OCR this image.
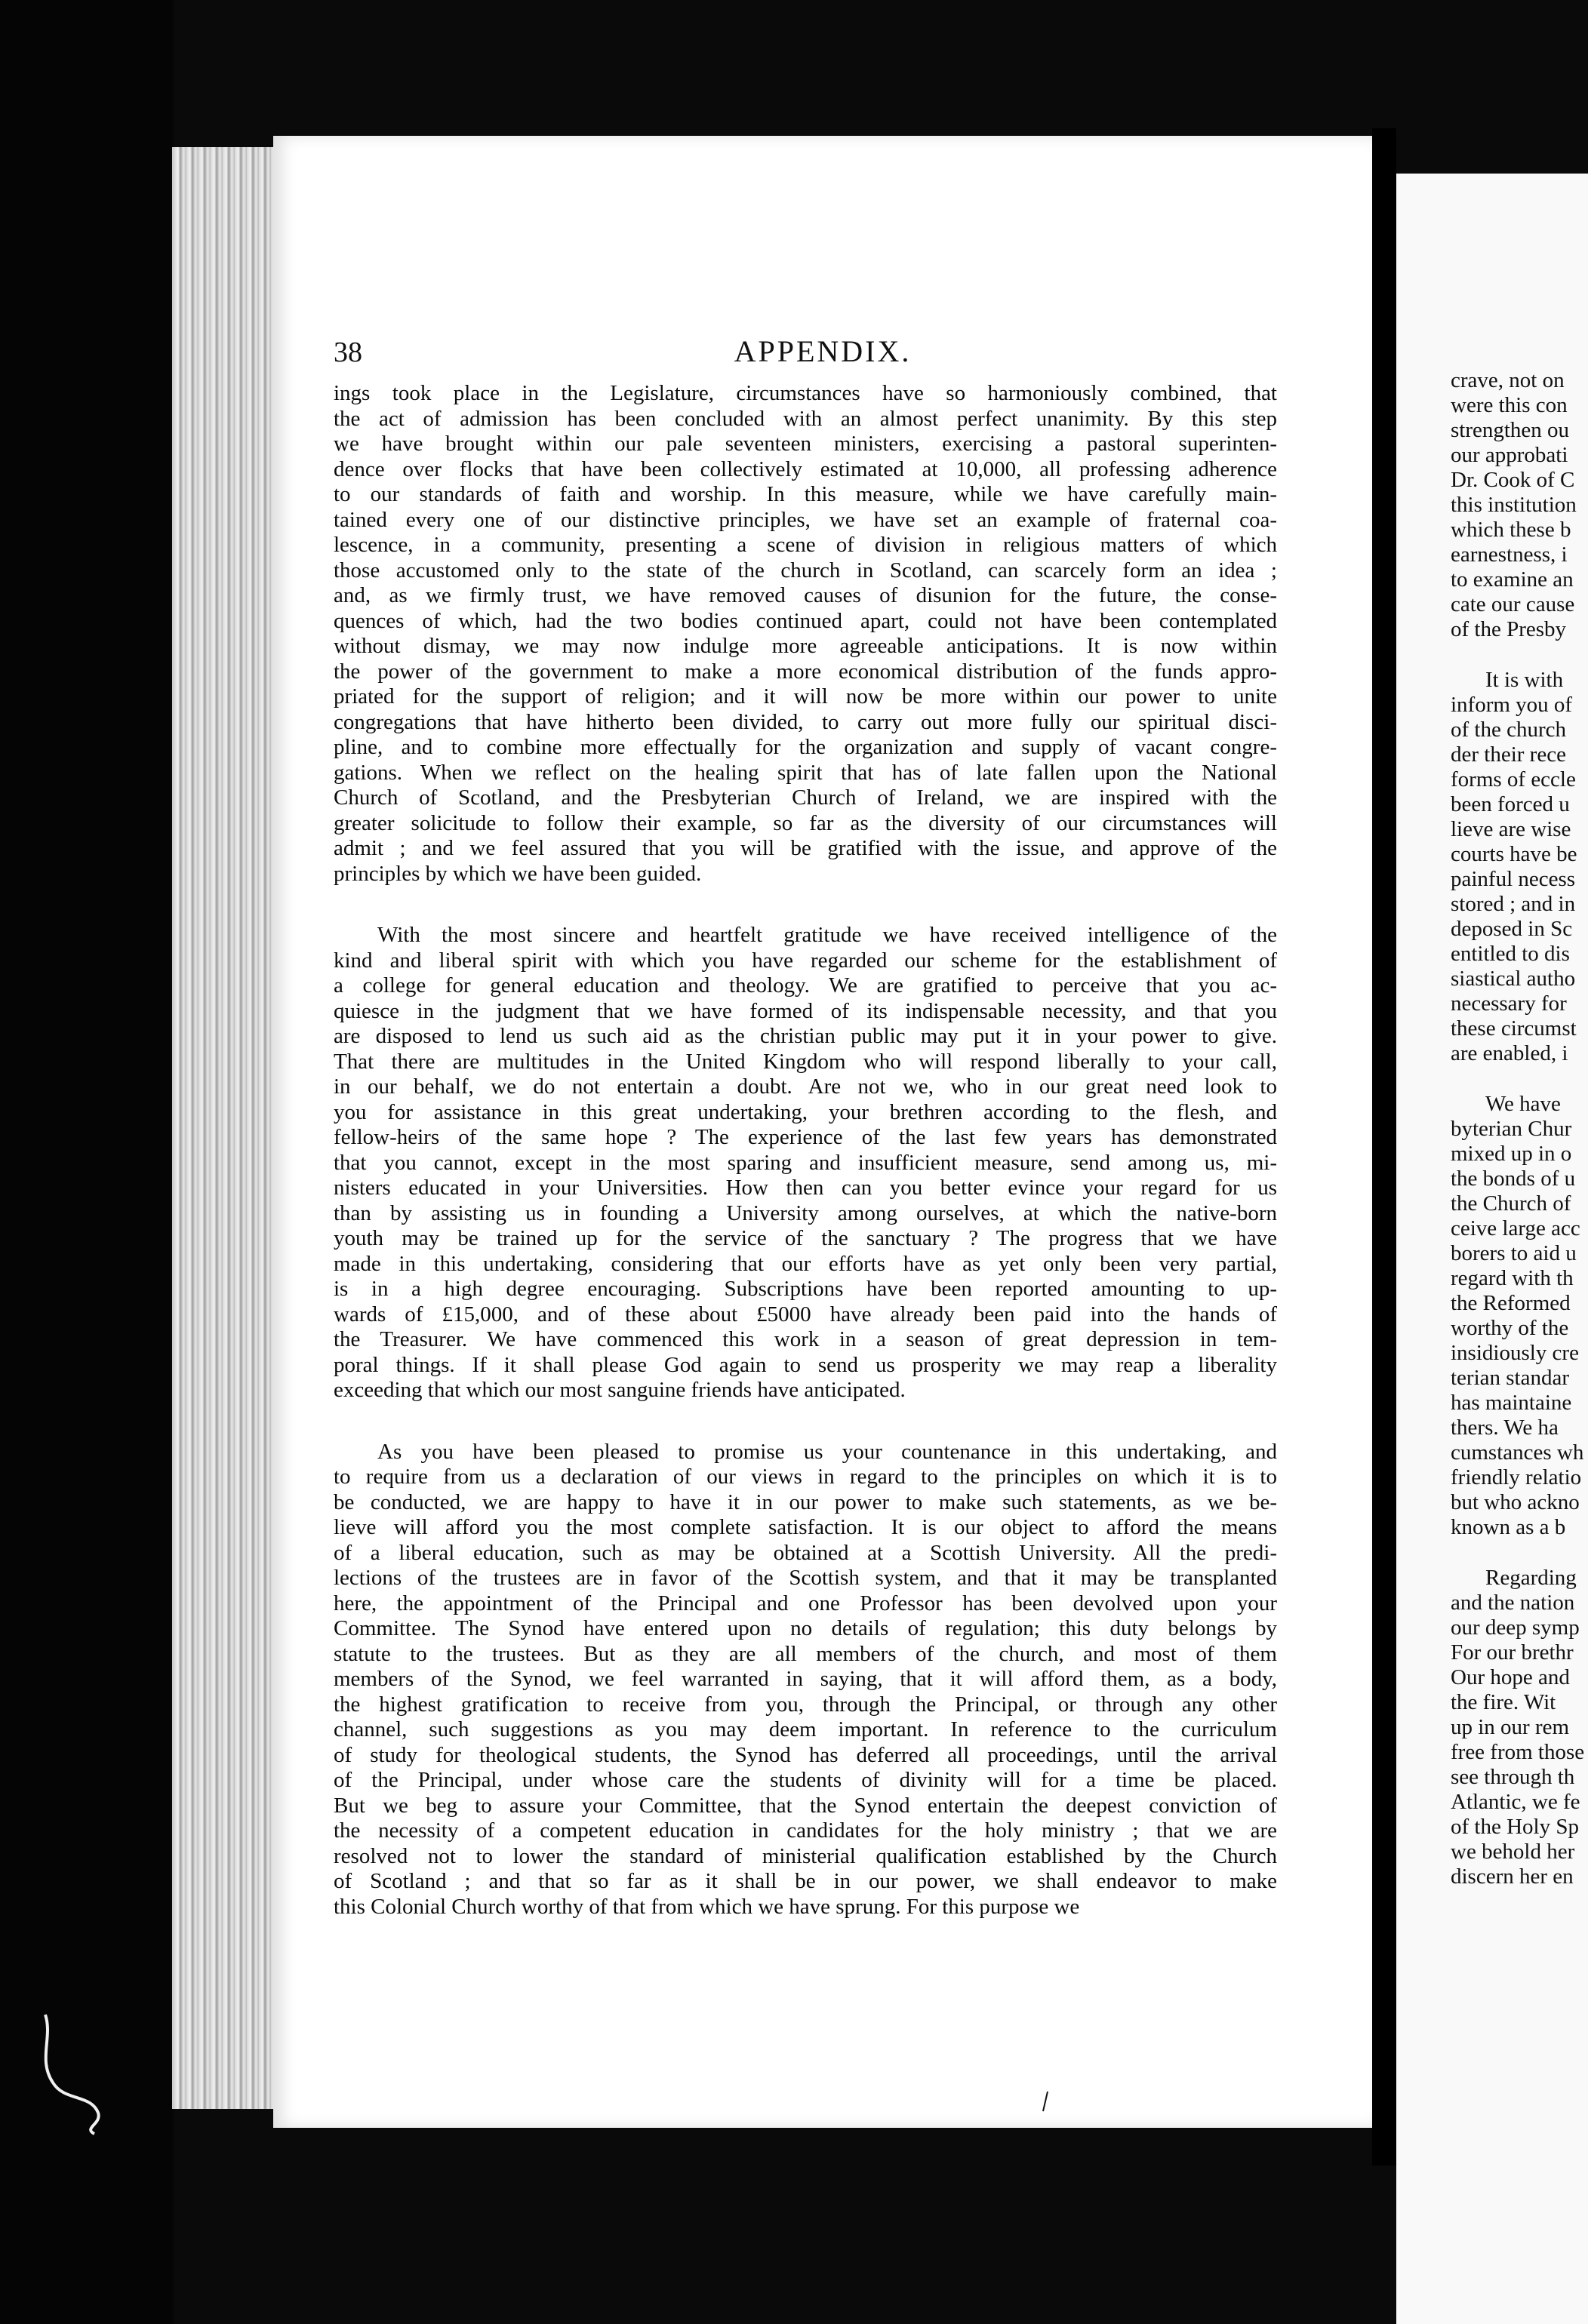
38	APPENDIX.
ings took place in the Legislature, circumstances have so harmoniously combined, that
the act of admission has been concluded with an almost perfect unanimity. By this step
we have brought within our pale seventeen ministers, exercising a pastoral superinten-
dence over flocks that have been collectively estimated at 10,000, all professing adherence
to our standards of faith and worship. In this measure, while we have carefully main-
tained every one of our distinctive principles, we have set an example of fraternal coa-
lescence, in a community, presenting a scene of division in religious matters of which
those accustomed only to the state of the church in Scotland, can scarcely form an idea ;
and, as we firmly trust, we have removed causes of disunion for the future, the conse-
quences of which, had the two bodies continued apart, could not have been contemplated
without dismay, we may now indulge more agreeable anticipations. It is now within
the power of the government to make a more economical distribution of the funds appro-
priated for the support of religion; and it will now be more within our power to unite
congregations that have hitherto been divided, to carry out more fully our spiritual disci-
pline, and to combine more effectually for the organization and supply of vacant congre-
gations. When we reflect on the healing spirit that has of late fallen upon the National
Church of Scotland, and the Presbyterian Church of Ireland, we are inspired with the
greater solicitude to follow their example, so far as the diversity of our circumstances will
admit ; and we feel assured that you will be gratified with the issue, and approve of the
principles by which we have been guided.
With the most sincere and heartfelt gratitude we have received intelligence of the
kind and liberal spirit with which you have regarded our scheme for the establishment of
a college for general education and theology. We are gratified to perceive that you ac-
quiesce in the judgment that we have formed of its indispensable necessity, and that you
are disposed to lend us such aid as the christian public may put it in your power to give.
That there are multitudes in the United Kingdom who will respond liberally to your call,
in our behalf, we do not entertain a doubt. Are not we, who in our great need look to
you for assistance in this great undertaking, your brethren according to the flesh, and
fellow-heirs of the same hope ? The experience of the last few years has demonstrated
that you cannot, except in the most sparing and insufficient measure, send among us, mi-
nisters educated in your Universities. How then can you better evince your regard for us
than by assisting us in founding a University among ourselves, at which the native-born
youth may be trained up for the service of the sanctuary ? The progress that we have
made in this undertaking, considering that our efforts have as yet only been very partial,
is in a high degree encouraging. Subscriptions have been reported amounting to up-
wards of £15,000, and of these about £5000 have already been paid into the hands of
the Treasurer. We have commenced this work in a season of great depression in tem-
poral things. If it shall please God again to send us prosperity we may reap a liberality
exceeding that which our most sanguine friends have anticipated.
As you have been pleased to promise us your countenance in this undertaking, and
to require from us a declaration of our views in regard to the principles on which it is to
be conducted, we are happy to have it in our power to make such statements, as we be-
lieve will afford you the most complete satisfaction. It is our object to afford the means
of a liberal education, such as may be obtained at a Scottish University. All the predi-
lections of the trustees are in favor of the Scottish system, and that it may be transplanted
here, the appointment of the Principal and one Professor has been devolved upon your
Committee. The Synod have entered upon no details of regulation; this duty belongs by
statute to the trustees. But as they are all members of the church, and most of them
members of the Synod, we feel warranted in saying, that it will afford them, as a body,
the highest gratification to receive from you, through the Principal, or through any other
channel, such suggestions as you may deem important. In reference to the curriculum
of study for theological students, the Synod has deferred all proceedings, until the arrival
of the Principal, under whose care the students of divinity will for a time be placed.
But we beg to assure your Committee, that the Synod entertain the deepest conviction of
the necessity of a competent education in candidates for the holy ministry ; that we are
resolved not to lower the standard of ministerial qualification established by the Church
of Scotland ; and that so far as it shall be in our power, we shall endeavor to make
this Colonial Church worthy of that from which we have sprung. For this purpose we
crave, not on
were this con
strengthen ou
our approbati
Dr. Cook of C
this institution
which these b
earnestness, i
to examine an
cate our cause
of the Presby
It is with
inform you of
of the church
der their rece
forms of eccle
been forced u
lieve are wise
courts have be
painful necess
stored ; and in
deposed in Sc
entitled to dis
siastical autho
necessary for
these circumst
are enabled, i
We have
byterian Chur
mixed up in o
the bonds of u
the Church of
ceive large acc
borers to aid u
regard with th
the Reformed
worthy of the
insidiously cre
terian standar
has maintaine
thers. We ha
cumstances wh
friendly relatio
but who ackno
known as a b
Regarding
and the nation
our deep symp
For our brethr
Our hope and
the fire. Wit
up in our rem
free from those
see through th
Atlantic, we fe
of the Holy Sp
we behold her
discern her en
